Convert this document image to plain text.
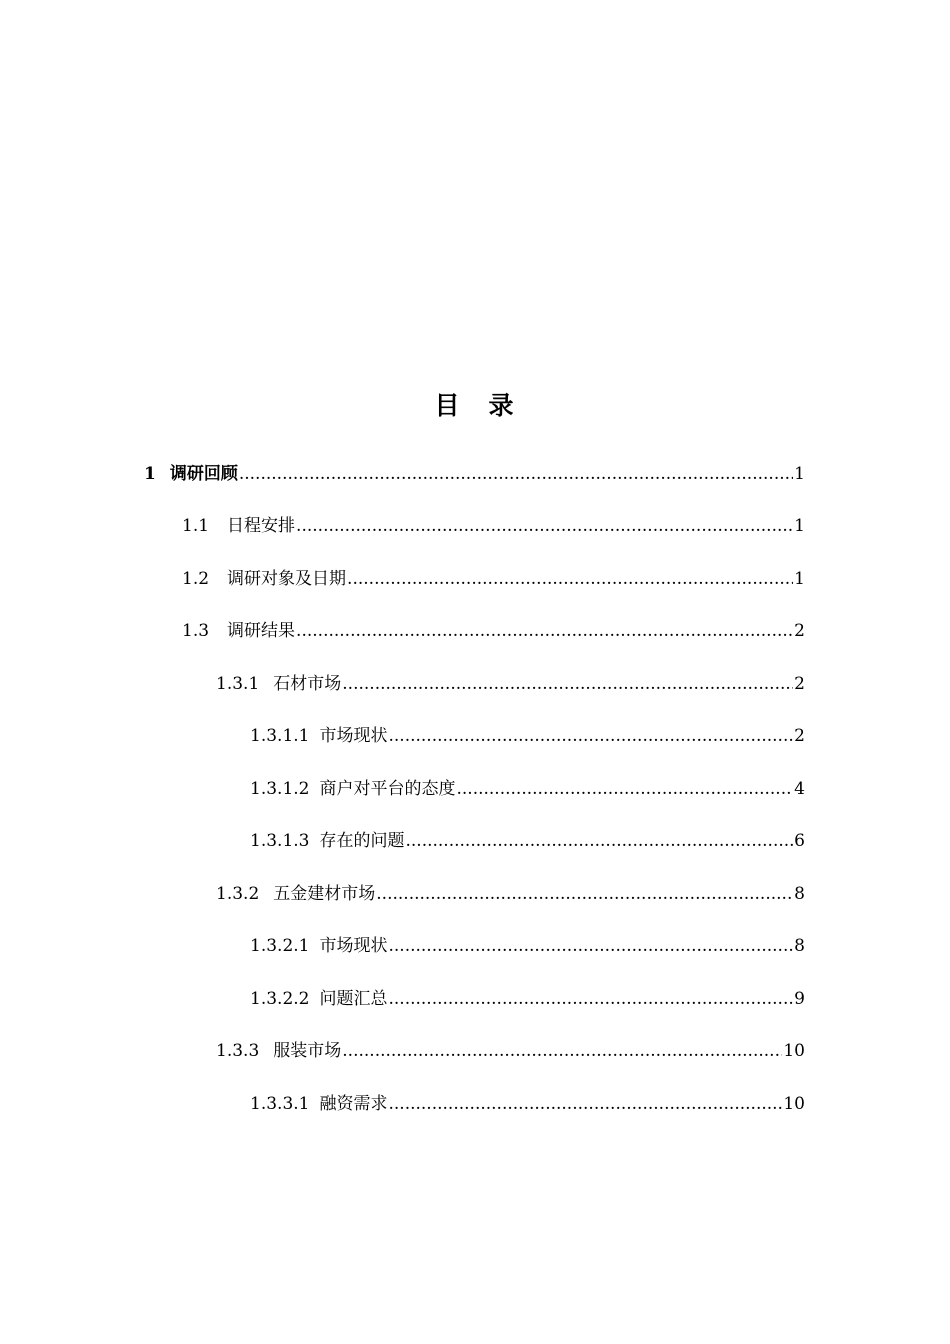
目　录
1 调研回顾 .....	1
1.1 日程安排 .....	1
1.2 调研对象及日期 .....	1
1.3 调研结果 .....	2
1.3.1 石材市场 .....	2
1.3.1.1 市场现状 .....	2
1.3.1.2 商户对平台的态度 .....	4
1.3.1.3 存在的问题 .....	6
1.3.2 五金建材市场 .....	8
1.3.2.1 市场现状 .....	8
1.3.2.2 问题汇总 .....	9
1.3.3 服装市场 .....	10
1.3.3.1 融资需求 .....	10
